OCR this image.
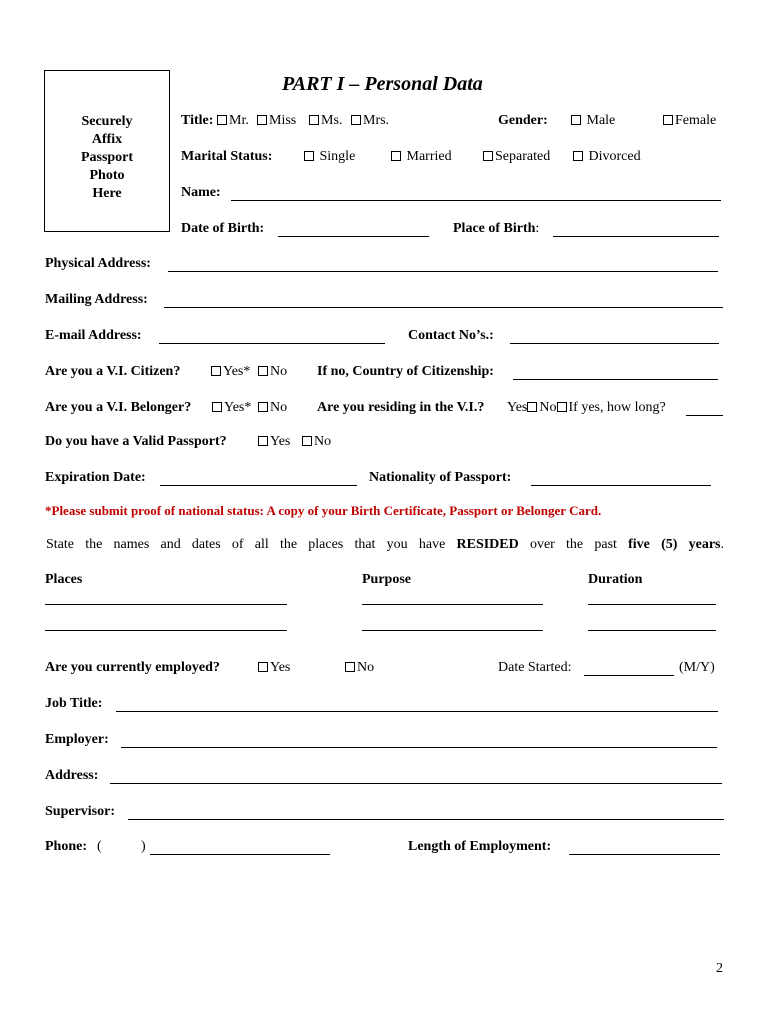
PART I – Personal Data
Securely Affix Passport Photo Here
Title:	Mr.	Miss	Ms.	Mrs.	Gender:	Male	Female
Marital Status:	Single	Married	Separated	Divorced
Name:
Date of Birth:	Place of Birth:
Physical Address:
Mailing Address:
E-mail Address:	Contact No’s.:
Are you a V.I. Citizen?	Yes*	No If no, Country of Citizenship:
Are you a V.I. Belonger?	Yes*	No Are you residing in the V.I.? Yes No If yes, how long?
Do you have a Valid Passport?	Yes	No
Expiration Date:	Nationality of Passport:
*Please submit proof of national status: A copy of your Birth Certificate, Passport or Belonger Card.
State the names and dates of all the places that you have RESIDED over the past five (5) years.
Places	Purpose	Duration
Are you currently employed?	Yes	No	Date Started:	(M/Y)
Job Title:
Employer:
Address:
Supervisor:
Phone: (	)	Length of Employment:
2
